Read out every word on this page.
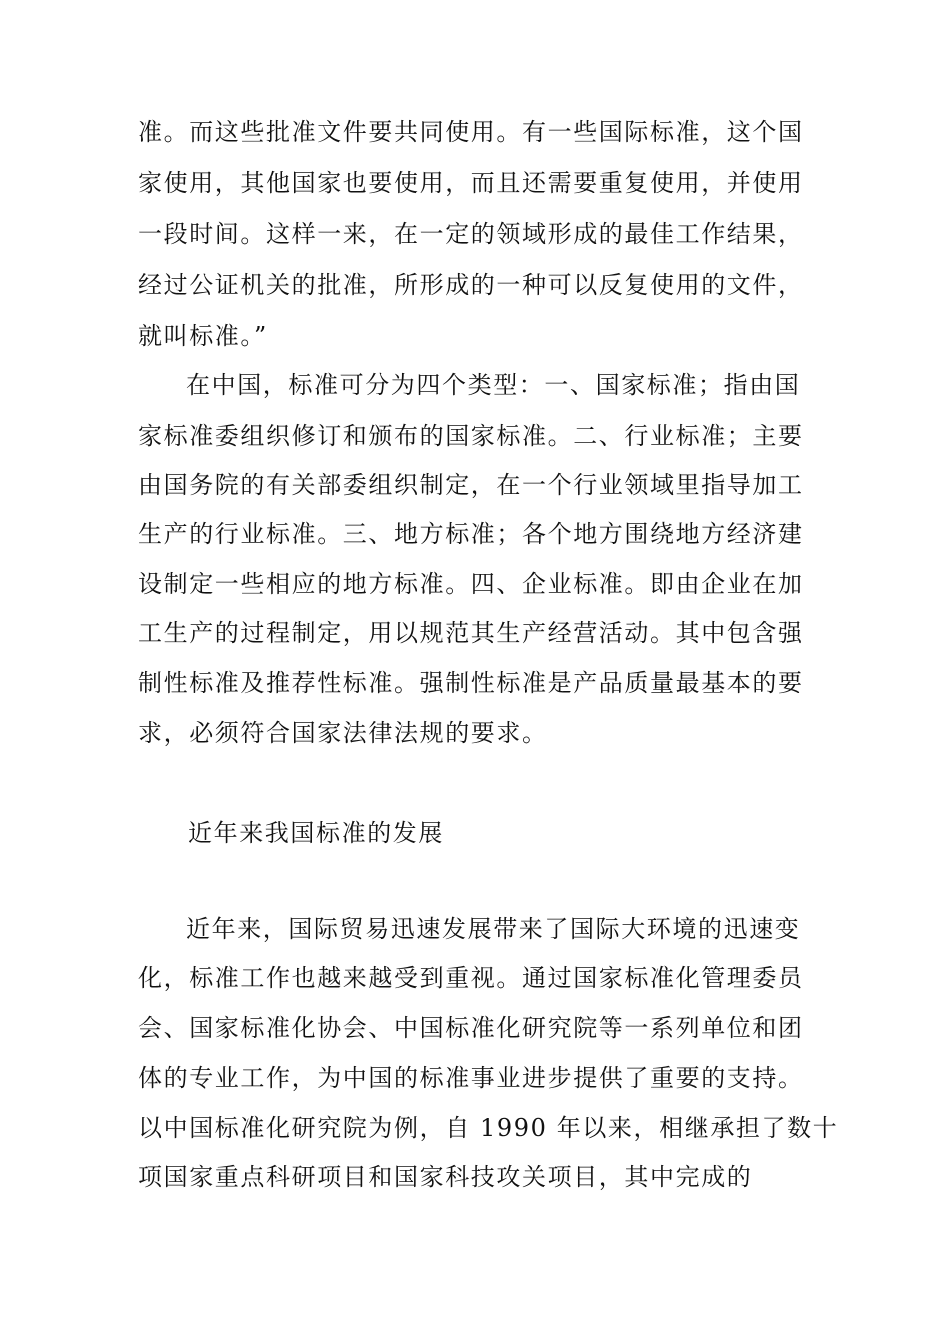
准。而这些批准文件要共同使用。有一些国际标准，这个国
家使用，其他国家也要使用，而且还需要重复使用，并使用
一段时间。这样一来，在一定的领域形成的最佳工作结果，
经过公证机关的批准，所形成的一种可以反复使用的文件，
就叫标准。”
在中国，标准可分为四个类型：一、国家标准；指由国
家标准委组织修订和颁布的国家标准。二、行业标准；主要
由国务院的有关部委组织制定，在一个行业领域里指导加工
生产的行业标准。三、地方标准；各个地方围绕地方经济建
设制定一些相应的地方标准。四、企业标准。即由企业在加
工生产的过程制定，用以规范其生产经营活动。其中包含强
制性标准及推荐性标准。强制性标准是产品质量最基本的要
求，必须符合国家法律法规的要求。
近年来我国标准的发展
近年来，国际贸易迅速发展带来了国际大环境的迅速变
化，标准工作也越来越受到重视。通过国家标准化管理委员
会、国家标准化协会、中国标准化研究院等一系列单位和团
体的专业工作，为中国的标准事业进步提供了重要的支持。
以中国标准化研究院为例，自 1990 年以来，相继承担了数十
项国家重点科研项目和国家科技攻关项目，其中完成的
